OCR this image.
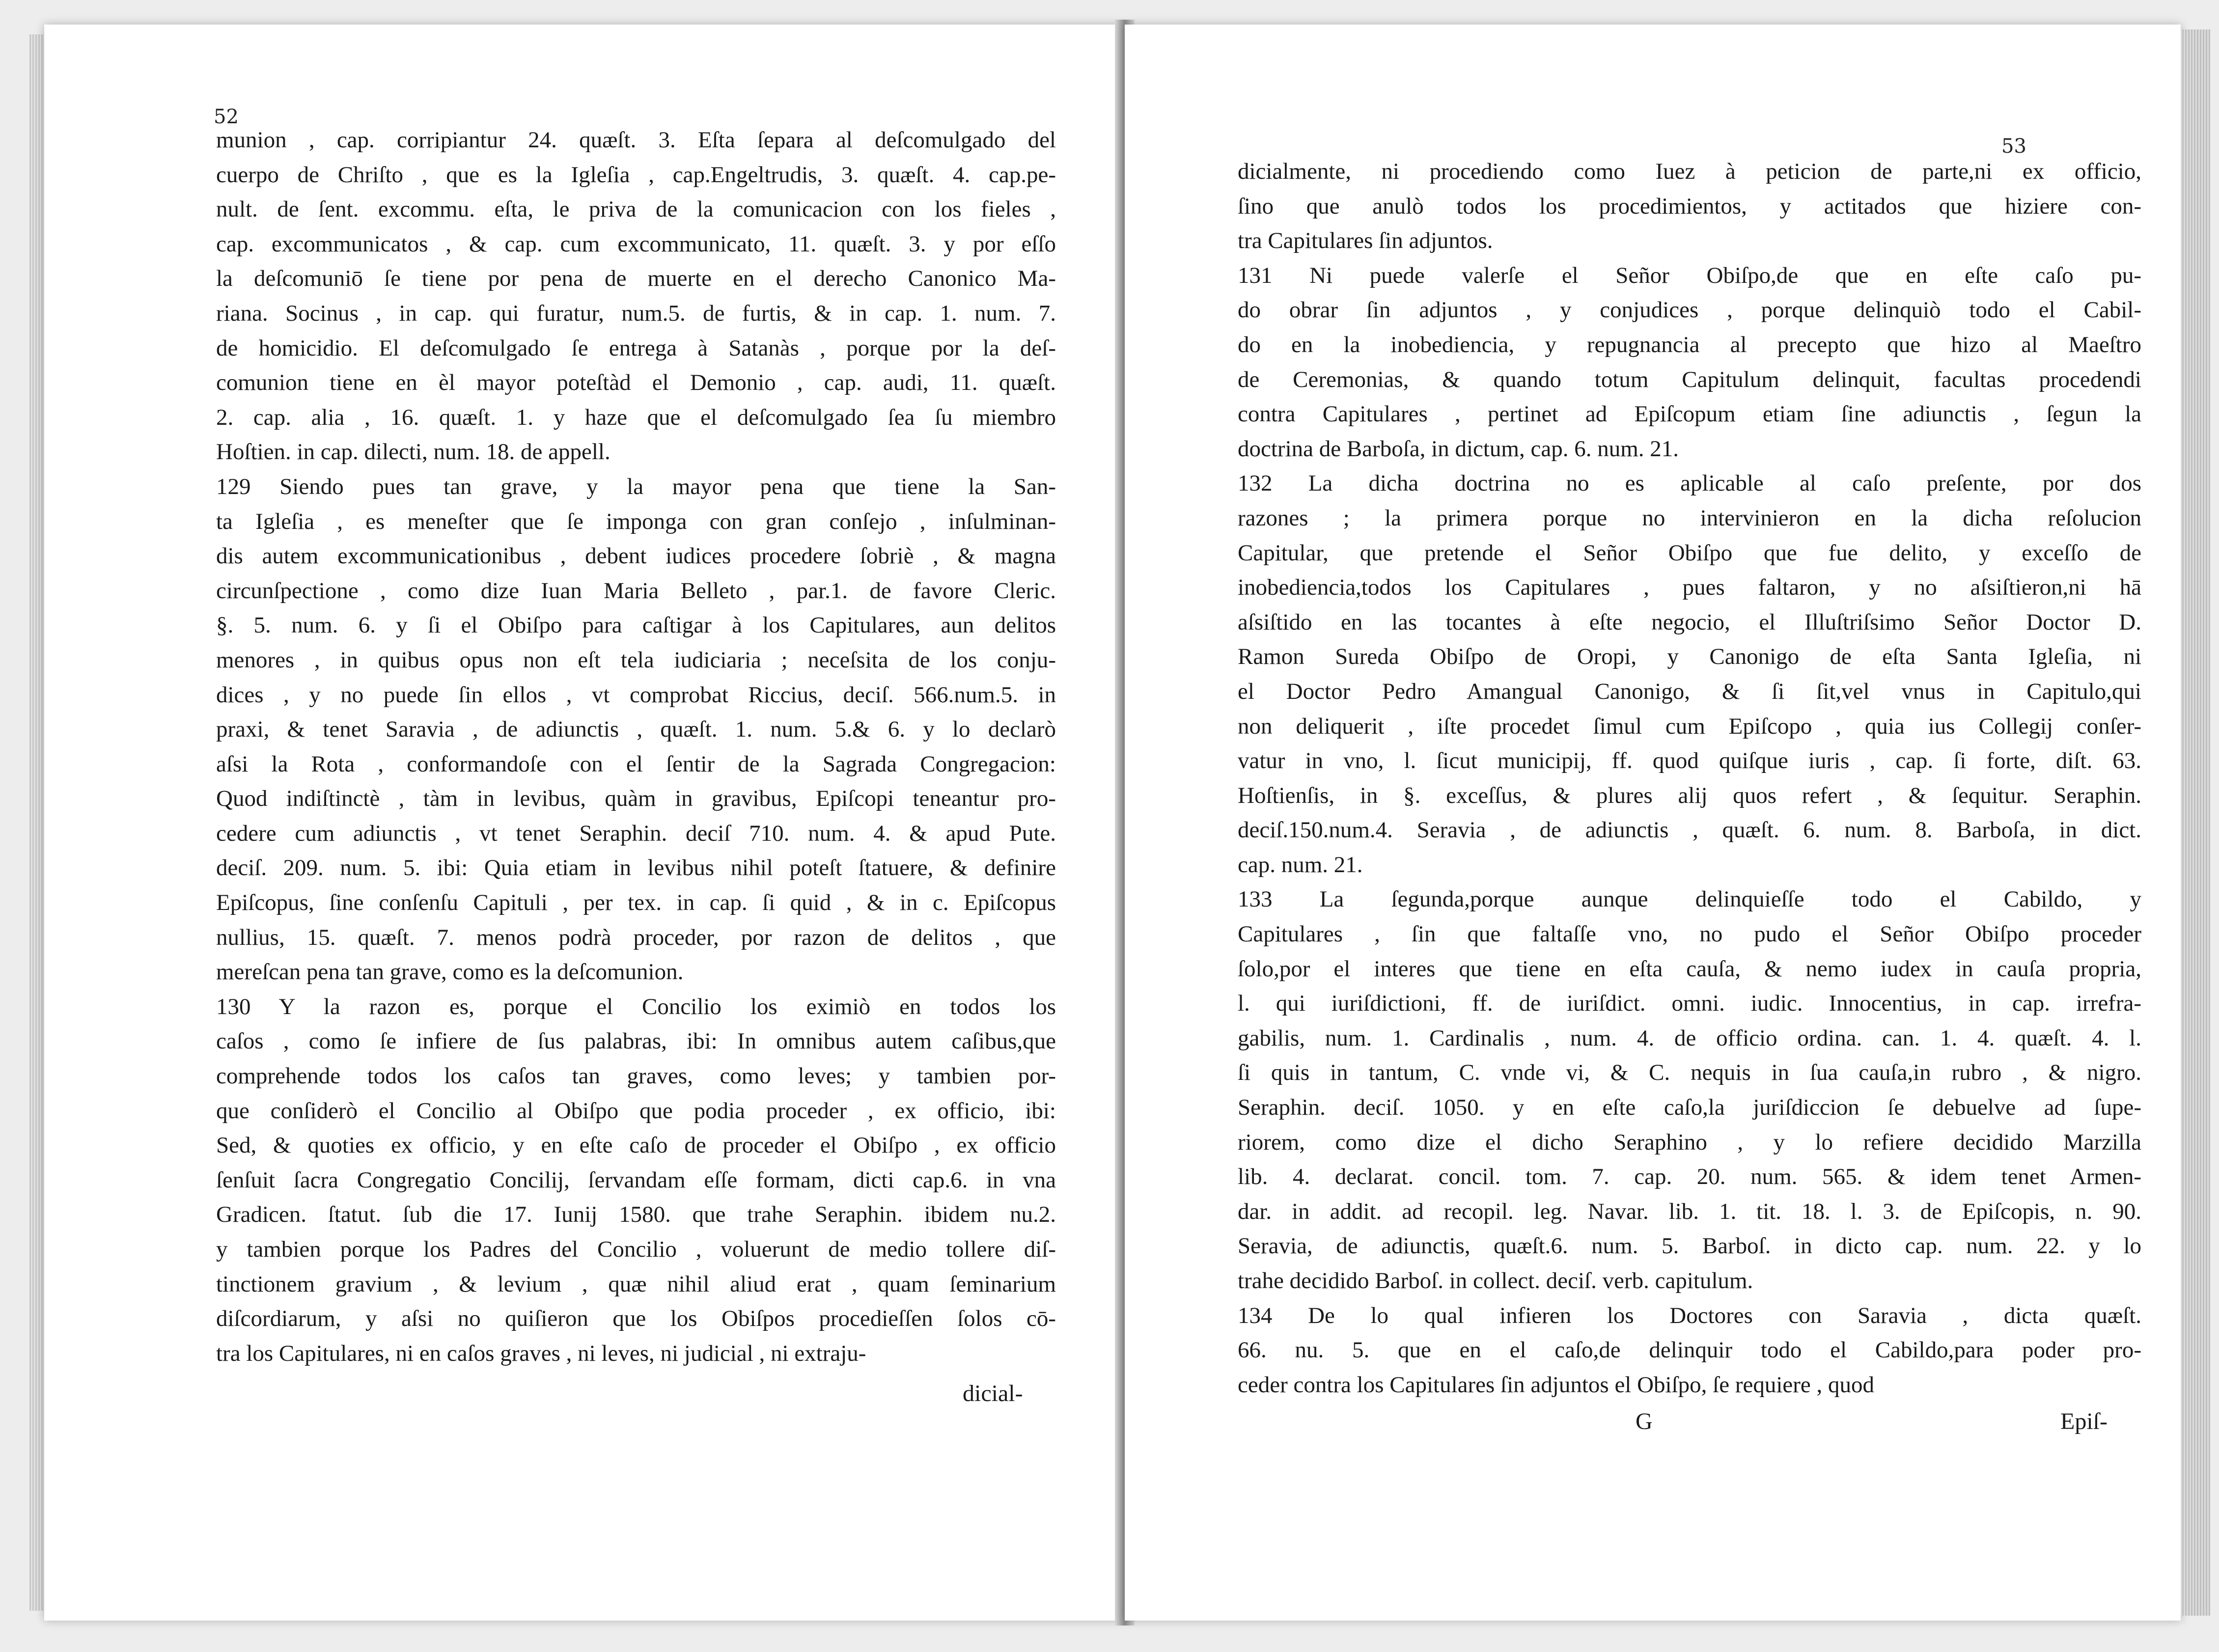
52
munion , cap. corripiantur 24. quæſt. 3. Eſta ſepara al deſcomulgado del
cuerpo de Chriſto , que es la Igleſia , cap.Engeltrudis, 3. quæſt. 4. cap.pe-
nult. de ſent. excommu. eſta, le priva de la comunicacion con los fieles ,
cap. excommunicatos , & cap. cum excommunicato, 11. quæſt. 3. y por eſſo
la deſcomuniō ſe tiene por pena de muerte en el derecho Canonico Ma-
riana. Socinus , in cap. qui furatur, num.5. de furtis, & in cap. 1. num. 7.
de homicidio. El deſcomulgado ſe entrega à Satanàs , porque por la deſ-
comunion tiene en èl mayor poteſtàd el Demonio , cap. audi, 11. quæſt.
2. cap. alia , 16. quæſt. 1. y haze que el deſcomulgado ſea ſu miembro
Hoſtien. in cap. dilecti, num. 18. de appell.
129 Siendo pues tan grave, y la mayor pena que tiene la San-
ta Igleſia , es meneſter que ſe imponga con gran conſejo , inſulminan-
dis autem excommunicationibus , debent iudices procedere ſobriè , & magna
circunſpectione , como dize Iuan Maria Belleto , par.1. de favore Cleric.
§. 5. num. 6. y ſi el Obiſpo para caſtigar à los Capitulares, aun delitos
menores , in quibus opus non eſt tela iudiciaria ; neceſsita de los conju-
dices , y no puede ſin ellos , vt comprobat Riccius, deciſ. 566.num.5. in
praxi, & tenet Saravia , de adiunctis , quæſt. 1. num. 5.& 6. y lo declarò
aſsi la Rota , conformandoſe con el ſentir de la Sagrada Congregacion:
Quod indiſtinctè , tàm in levibus, quàm in gravibus, Epiſcopi teneantur pro-
cedere cum adiunctis , vt tenet Seraphin. deciſ 710. num. 4. & apud Pute.
deciſ. 209. num. 5. ibi: Quia etiam in levibus nihil poteſt ſtatuere, & definire
Epiſcopus, ſine conſenſu Capituli , per tex. in cap. ſi quid , & in c. Epiſcopus
nullius, 15. quæſt. 7. menos podrà proceder, por razon de delitos , que
mereſcan pena tan grave, como es la deſcomunion.
130 Y la razon es, porque el Concilio los eximiò en todos los
caſos , como ſe infiere de ſus palabras, ibi: In omnibus autem caſibus,que
comprehende todos los caſos tan graves, como leves; y tambien por-
que conſiderò el Concilio al Obiſpo que podia proceder , ex officio, ibi:
Sed, & quoties ex officio, y en eſte caſo de proceder el Obiſpo , ex officio
ſenſuit ſacra Congregatio Concilij, ſervandam eſſe formam, dicti cap.6. in vna
Gradicen. ſtatut. ſub die 17. Iunij 1580. que trahe Seraphin. ibidem nu.2.
y tambien porque los Padres del Concilio , voluerunt de medio tollere diſ-
tinctionem gravium , & levium , quæ nihil aliud erat , quam ſeminarium
diſcordiarum, y aſsi no quiſieron que los Obiſpos procedieſſen ſolos cō-
tra los Capitulares, ni en caſos graves , ni leves, ni judicial , ni extraju-
dicial-
53
dicialmente, ni procediendo como Iuez à peticion de parte,ni ex officio,
ſino que anulò todos los procedimientos, y actitados que hiziere con-
tra Capitulares ſin adjuntos.
131 Ni puede valerſe el Señor Obiſpo,de que en eſte caſo pu-
do obrar ſin adjuntos , y conjudices , porque delinquiò todo el Cabil-
do en la inobediencia, y repugnancia al precepto que hizo al Maeſtro
de Ceremonias, & quando totum Capitulum delinquit, facultas procedendi
contra Capitulares , pertinet ad Epiſcopum etiam ſine adiunctis , ſegun la
doctrina de Barboſa, in dictum, cap. 6. num. 21.
132 La dicha doctrina no es aplicable al caſo preſente, por dos
razones ; la primera porque no intervinieron en la dicha reſolucion
Capitular, que pretende el Señor Obiſpo que fue delito, y exceſſo de
inobediencia,todos los Capitulares , pues faltaron, y no aſsiſtieron,ni hā
aſsiſtido en las tocantes à eſte negocio, el Illuſtriſsimo Señor Doctor D.
Ramon Sureda Obiſpo de Oropi, y Canonigo de eſta Santa Igleſia, ni
el Doctor Pedro Amangual Canonigo, & ſi ſit,vel vnus in Capitulo,qui
non deliquerit , iſte procedet ſimul cum Epiſcopo , quia ius Collegij conſer-
vatur in vno, l. ſicut municipij, ff. quod quiſque iuris , cap. ſi forte, diſt. 63.
Hoſtienſis, in §. exceſſus, & plures alij quos refert , & ſequitur. Seraphin.
deciſ.150.num.4. Seravia , de adiunctis , quæſt. 6. num. 8. Barboſa, in dict.
cap. num. 21.
133 La ſegunda,porque aunque delinquieſſe todo el Cabildo, y
Capitulares , ſin que faltaſſe vno, no pudo el Señor Obiſpo proceder
ſolo,por el interes que tiene en eſta cauſa, & nemo iudex in cauſa propria,
l. qui iuriſdictioni, ff. de iuriſdict. omni. iudic. Innocentius, in cap. irrefra-
gabilis, num. 1. Cardinalis , num. 4. de officio ordina. can. 1. 4. quæſt. 4. l.
ſi quis in tantum, C. vnde vi, & C. nequis in ſua cauſa,in rubro , & nigro.
Seraphin. deciſ. 1050. y en eſte caſo,la juriſdiccion ſe debuelve ad ſupe-
riorem, como dize el dicho Seraphino , y lo refiere decidido Marzilla
lib. 4. declarat. concil. tom. 7. cap. 20. num. 565. & idem tenet Armen-
dar. in addit. ad recopil. leg. Navar. lib. 1. tit. 18. l. 3. de Epiſcopis, n. 90.
Seravia, de adiunctis, quæſt.6. num. 5. Barboſ. in dicto cap. num. 22. y lo
trahe decidido Barboſ. in collect. deciſ. verb. capitulum.
134 De lo qual infieren los Doctores con Saravia , dicta quæſt.
66. nu. 5. que en el caſo,de delinquir todo el Cabildo,para poder pro-
ceder contra los Capitulares ſin adjuntos el Obiſpo, ſe requiere , quod
G	Epiſ-
